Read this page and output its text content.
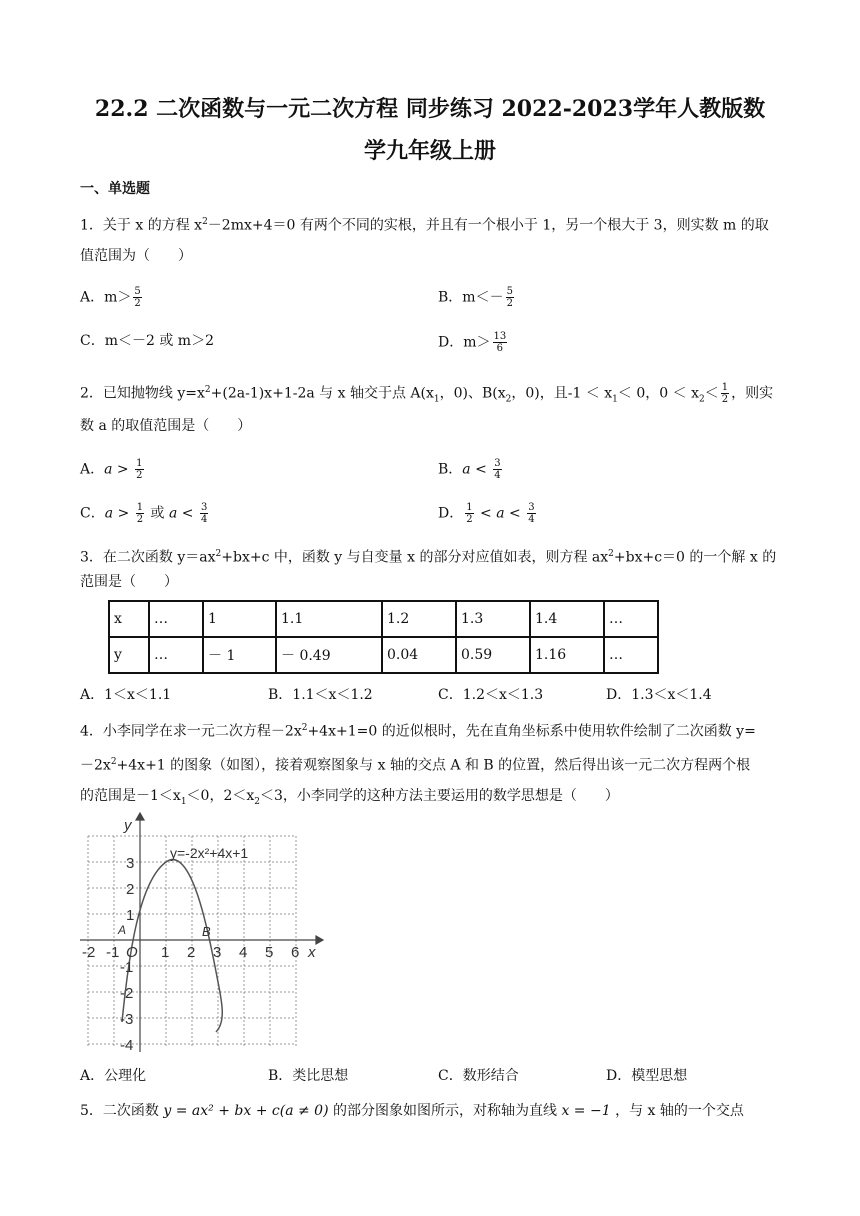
22.2 二次函数与一元二次方程 同步练习 2022-2023学年人教版数
学九年级上册
一、单选题
1．关于 x 的方程 $x^2-2mx+4=0$ 有两个不同的实根，并且有一个根小于 1，另一个根大于 3，则实数 m 的取
值范围为（　　）
A．$m> \frac{5}{2}$	B．$m<- \frac{5}{2}$
C．m＜－2 或 m＞2	D．$m> \frac{13}{6}$
2．已知抛物线 $y=x^2+(2a-1)x+1-2a$ 与 x 轴交于点 $A(x_1$，0)、$B(x_2$，0)，且$-1 < x_1< 0$，$0 < x_2< \frac{1}{2}$ ，则实
数 a 的取值范围是（　　）
A．$a > \frac{1}{2}$	B．$a < \frac{3}{4}$
C．$a > \frac{1}{2}$ 或 $a < \frac{3}{4}$	D． $\frac{1}{2} < a < \frac{3}{4}$
3．在二次函数 $y=ax^2+bx+c$ 中，函数 y 与自变量 x 的部分对应值如表，则方程 $ax^2+bx+c=0$ 的一个解 x 的
范围是（　　）
x	…	1	1.1	1.2	1.3	1.4	…
y	…	－ 1	－ 0.49	0.04	0.59	1.16	…
A．1＜x＜1.1	B．1.1＜x＜1.2	C．1.2＜x＜1.3	D．1.3＜x＜1.4
4．小李同学在求一元二次方程$-2x^2+4x+1=0$ 的近似根时，先在直角坐标系中使用软件绘制了二次函数 y=
$-2x^2+4x+1$ 的图象（如图），接着观察图象与 x 轴的交点 A 和 B 的位置，然后得出该一元二次方程两个根
的范围是$-1<x_1<0$，$2<x_2<3$，小李同学的这种方法主要运用的数学思想是（　　）
-2 -1 O 1 2 3 4 5 6 x
y
3
2
1
-1
-2
-3
-4
A	B
y=-2x²+4x+1
A．公理化	B．类比思想	C．数形结合	D．模型思想
5．二次函数 y = ax² + bx + c(a ≠ 0) 的部分图象如图所示，对称轴为直线 x = −1 ，与 x 轴的一个交点
